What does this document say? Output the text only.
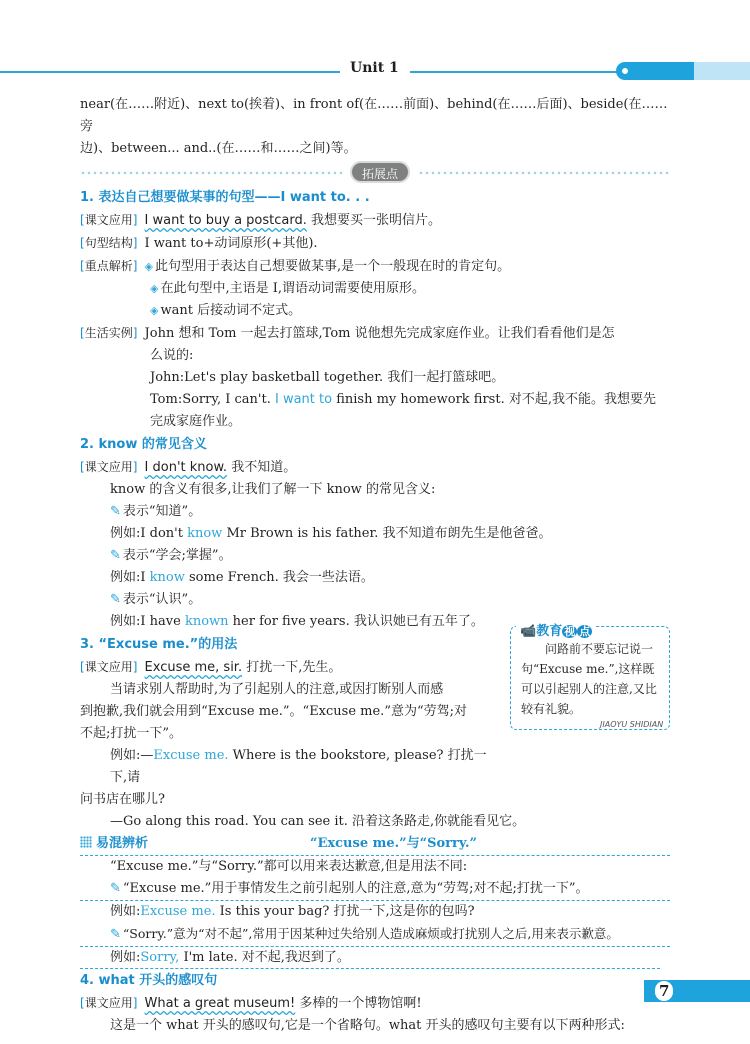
Unit 1
near(在……附近)、next to(挨着)、in front of(在……前面)、behind(在……后面)、beside(在……旁
边)、between... and..(在……和……之间)等。
拓展点
1. 表达自己想要做某事的句型——I want to. . .
[课文应用] I want to buy a postcard. 我想要买一张明信片。
[句型结构] I want to+动词原形(+其他).
[重点解析] ◈ 此句型用于表达自己想要做某事,是一个一般现在时的肯定句。
◈ 在此句型中,主语是 I,谓语动词需要使用原形。
◈ want 后接动词不定式。
[生活实例] John 想和 Tom 一起去打篮球,Tom 说他想先完成家庭作业。让我们看看他们是怎
么说的:
John:Let's play basketball together. 我们一起打篮球吧。
Tom:Sorry, I can't. I want to finish my homework first. 对不起,我不能。我想要先
完成家庭作业。
2. know 的常见含义
[课文应用] I don't know. 我不知道。
know 的含义有很多,让我们了解一下 know 的常见含义:
✎ 表示“知道”。
例如:I don't know Mr Brown is his father. 我不知道布朗先生是他爸爸。
✎ 表示“学会;掌握”。
例如:I know some French. 我会一些法语。
✎ 表示“认识”。
例如:I have known her for five years. 我认识她已有五年了。
3. “Excuse me.”的用法
[课文应用] Excuse me, sir. 打扰一下,先生。
当请求别人帮助时,为了引起别人的注意,或因打断别人而感
到抱歉,我们就会用到“Excuse me.”。“Excuse me.”意为“劳驾;对
不起;打扰一下”。
例如:—Excuse me. Where is the bookstore, please? 打扰一下,请
问书店在哪儿?
—Go along this road. You can see it. 沿着这条路走,你就能看见它。
易混辨析	“Excuse me.”与“Sorry.”
“Excuse me.”与“Sorry.”都可以用来表达歉意,但是用法不同:
✎ “Excuse me.”用于事情发生之前引起别人的注意,意为“劳驾;对不起;打扰一下”。
例如:Excuse me. Is this your bag? 打扰一下,这是你的包吗?
✎ “Sorry.”意为“对不起”,常用于因某种过失给别人造成麻烦或打扰别人之后,用来表示歉意。
例如:Sorry, I'm late. 对不起,我迟到了。
4. what 开头的感叹句
[课文应用] What a great museum! 多棒的一个博物馆啊!
这是一个 what 开头的感叹句,它是一个省略句。what 开头的感叹句主要有以下两种形式:
问路前不要忘记说一句“Excuse me.”,这样既可以引起别人的注意,又比较有礼貌。
📹教育 视 点
JIAOYU SHIDIAN
7
